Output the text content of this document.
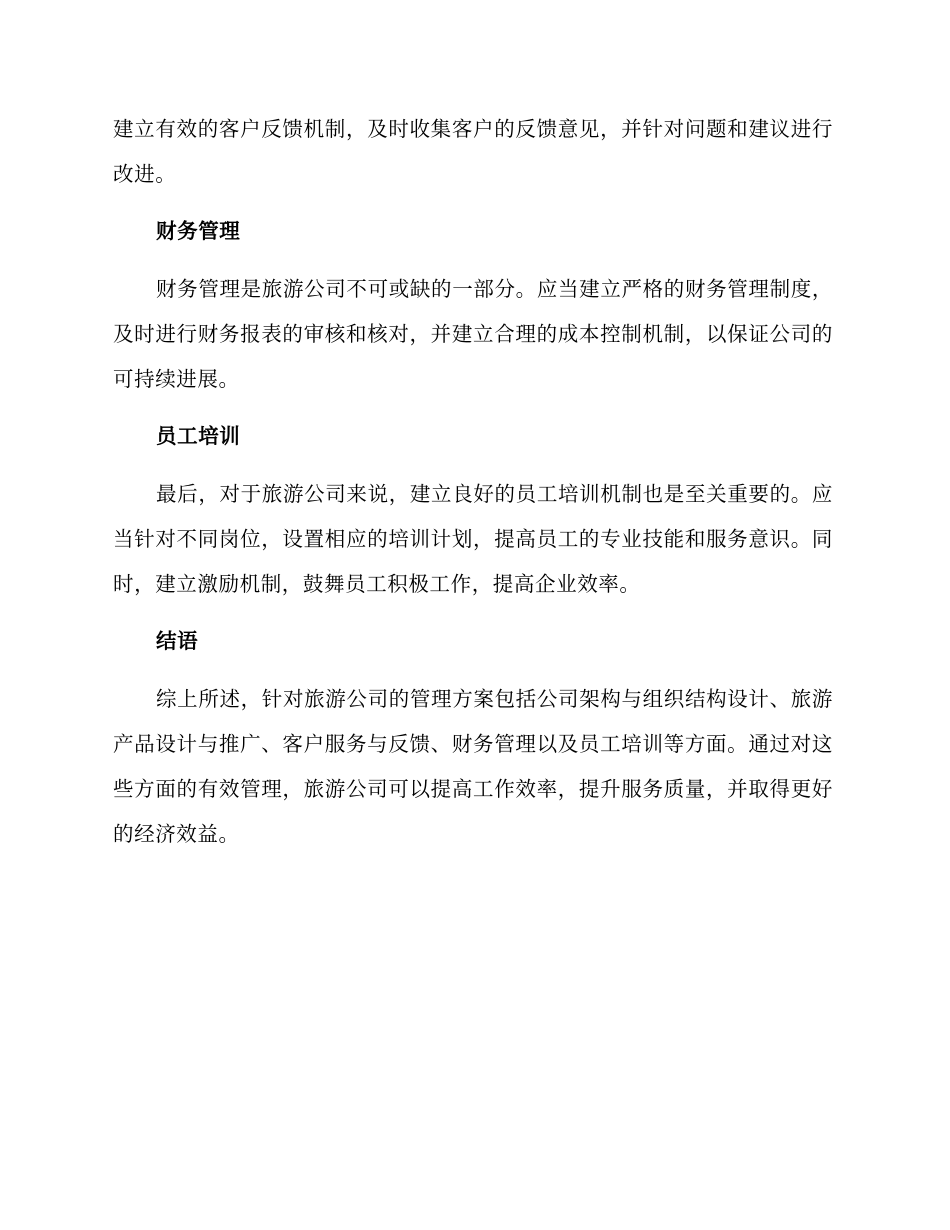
建立有效的客户反馈机制，及时收集客户的反馈意见，并针对问题和建议进行改进。

财务管理

财务管理是旅游公司不可或缺的一部分。应当建立严格的财务管理制度，及时进行财务报表的审核和核对，并建立合理的成本控制机制，以保证公司的可持续进展。

员工培训

最后，对于旅游公司来说，建立良好的员工培训机制也是至关重要的。应当针对不同岗位，设置相应的培训计划，提高员工的专业技能和服务意识。同时，建立激励机制，鼓舞员工积极工作，提高企业效率。

结语

综上所述，针对旅游公司的管理方案包括公司架构与组织结构设计、旅游产品设计与推广、客户服务与反馈、财务管理以及员工培训等方面。通过对这些方面的有效管理，旅游公司可以提高工作效率，提升服务质量，并取得更好的经济效益。
